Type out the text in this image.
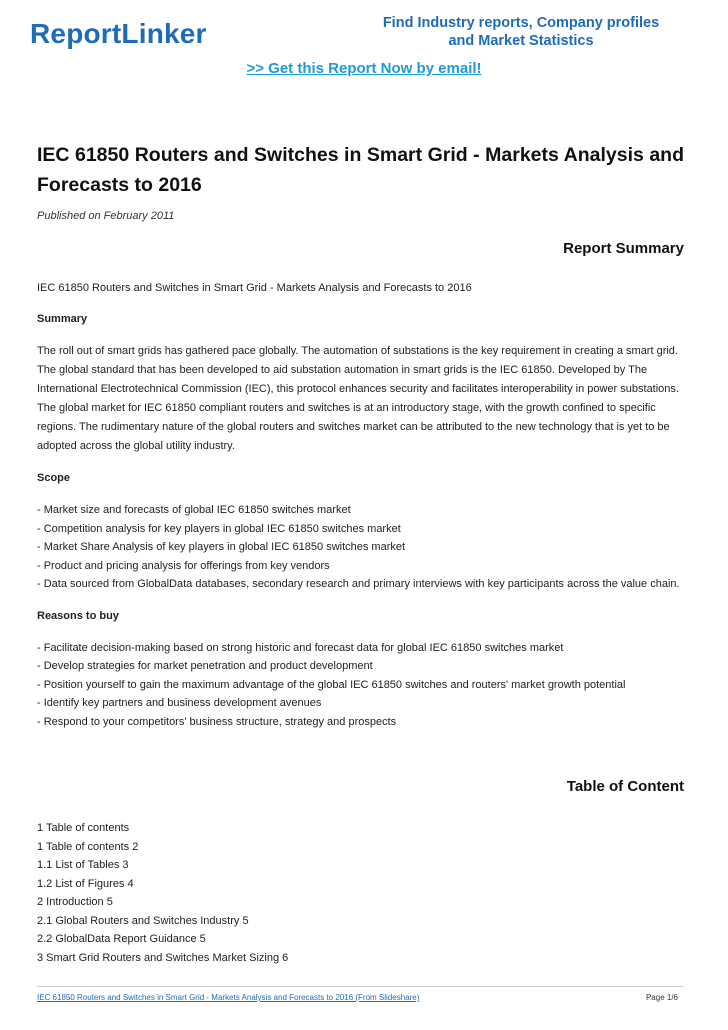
ReportLinker	Find Industry reports, Company profiles
and Market Statistics
>> Get this Report Now by email!
IEC 61850 Routers and Switches in Smart Grid - Markets Analysis and Forecasts to 2016
Published on February 2011
Report Summary
IEC 61850 Routers and Switches in Smart Grid - Markets Analysis and Forecasts to 2016
Summary
The roll out of smart grids has gathered pace globally. The automation of substations is the key requirement in creating a smart grid. The global standard that has been developed to aid substation automation in smart grids is the IEC 61850. Developed by The International Electrotechnical Commission (IEC), this protocol enhances security and facilitates interoperability in power substations. The global market for IEC 61850 compliant routers and switches is at an introductory stage, with the growth confined to specific regions. The rudimentary nature of the global routers and switches market can be attributed to the new technology that is yet to be adopted across the global utility industry.
Scope
- Market size and forecasts of global IEC 61850 switches market
- Competition analysis for key players in global IEC 61850 switches market
- Market Share Analysis of key players in global IEC 61850 switches market
- Product and pricing analysis for offerings from key vendors
- Data sourced from GlobalData databases, secondary research and primary interviews with key participants across the value chain.
Reasons to buy
- Facilitate decision-making based on strong historic and forecast data for global IEC 61850 switches market
- Develop strategies for market penetration and product development
- Position yourself to gain the maximum advantage of the global IEC 61850 switches and routers' market growth potential
- Identify key partners and business development avenues
- Respond to your competitors' business structure, strategy and prospects
Table of Content
1 Table of contents
1 Table of contents 2
1.1 List of Tables 3
1.2 List of Figures 4
2 Introduction 5
2.1 Global Routers and Switches Industry 5
2.2 GlobalData Report Guidance 5
3 Smart Grid Routers and Switches Market Sizing 6
IEC 61850 Routers and Switches in Smart Grid - Markets Analysis and Forecasts to 2016 (From Slideshare)	Page 1/6
